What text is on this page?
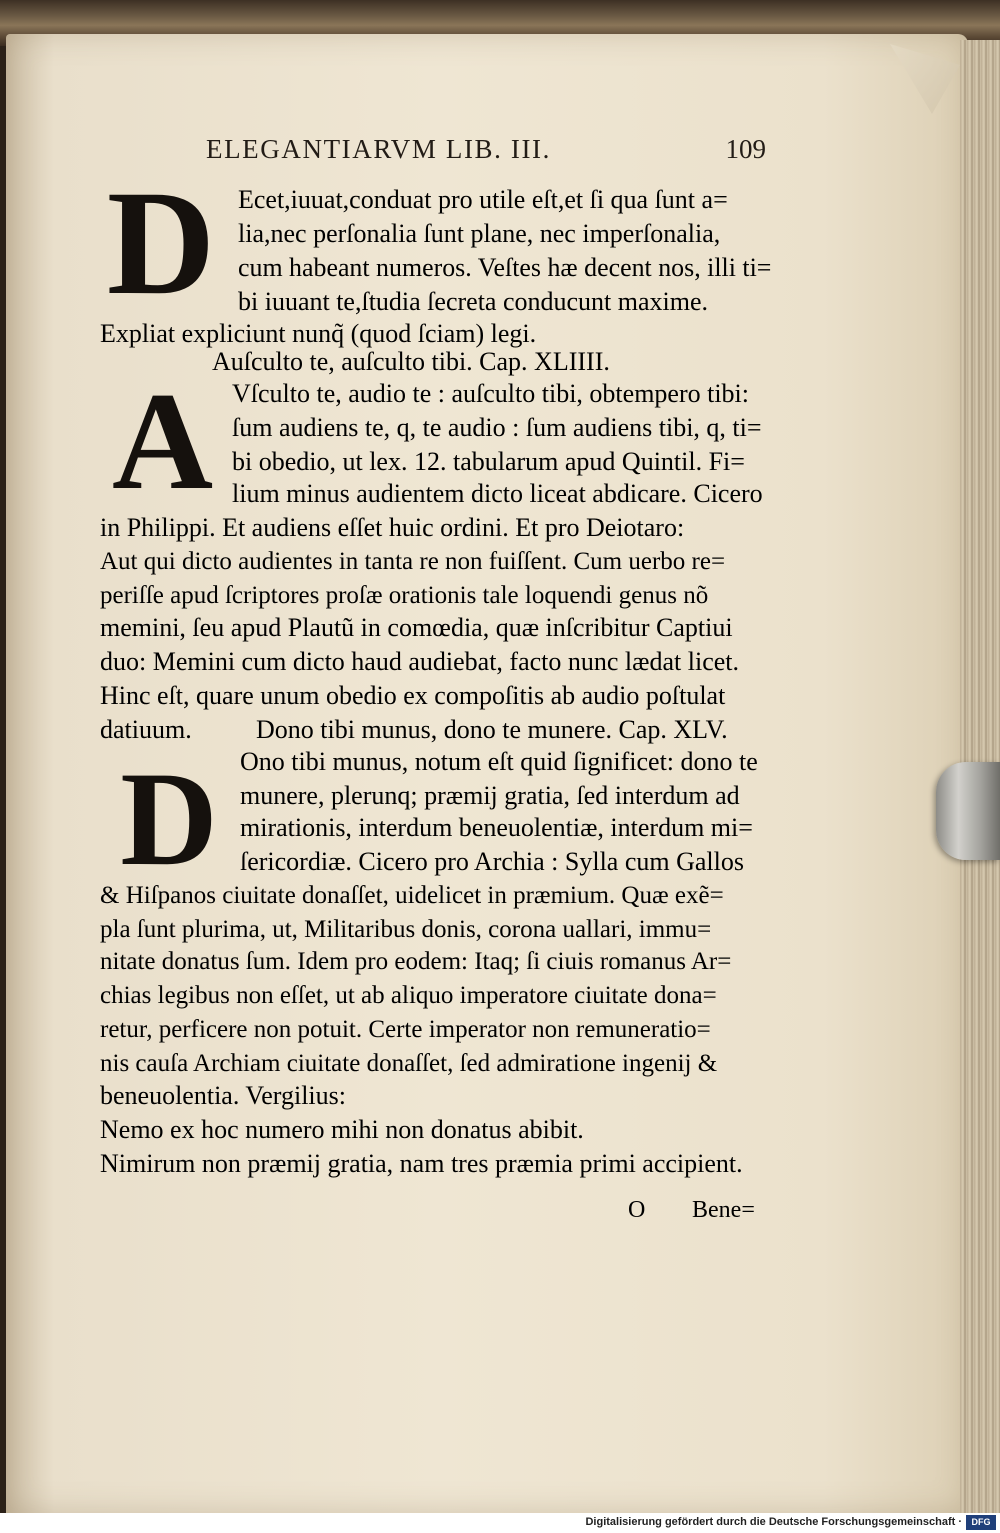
ELEGANTIARVM LIB. III.	109
D
A
D
Ecet,iuuat,conduat pro utile eſt,et ſi qua ſunt a=
lia,nec perſonalia ſunt plane, nec imperſonalia,
cum habeant numeros. Veſtes hæ decent nos, illi ti=
bi iuuant te,ſtudia ſecreta conducunt maxime.
Expliat expliciunt nunq̃ (quod ſciam) legi.
Auſculto te, auſculto tibi. Cap. XLIIII.
Vſculto te, audio te : auſculto tibi, obtempero tibi:
ſum audiens te, q, te audio : ſum audiens tibi, q, ti=
bi obedio, ut lex. 12. tabularum apud Quintil. Fi=
lium minus audientem dicto liceat abdicare. Cicero
in Philippi. Et audiens eſſet huic ordini. Et pro Deiotaro:
Aut qui dicto audientes in tanta re non fuiſſent. Cum uerbo re=
periſſe apud ſcriptores proſæ orationis tale loquendi genus nõ
memini, ſeu apud Plautũ in comœdia, quæ inſcribitur Captiui
duo: Memini cum dicto haud audiebat, facto nunc lædat licet.
Hinc eſt, quare unum obedio ex compoſitis ab audio poſtulat
datiuum. Dono tibi munus, dono te munere. Cap. XLV.
Ono tibi munus, notum eſt quid ſignificet: dono te
munere, plerunq; præmij gratia, ſed interdum ad
mirationis, interdum beneuolentiæ, interdum mi=
ſericordiæ. Cicero pro Archia : Sylla cum Gallos
& Hiſpanos ciuitate donaſſet, uidelicet in præmium. Quæ exẽ=
pla ſunt plurima, ut, Militaribus donis, corona uallari, immu=
nitate donatus ſum. Idem pro eodem: Itaq; ſi ciuis romanus Ar=
chias legibus non eſſet, ut ab aliquo imperatore ciuitate dona=
retur, perficere non potuit. Certe imperator non remuneratio=
nis cauſa Archiam ciuitate donaſſet, ſed admiratione ingenij &
beneuolentia. Vergilius:
Nemo ex hoc numero mihi non donatus abibit.
Nimirum non præmij gratia, nam tres præmia primi accipient.
O Bene=
Digitalisierung gefördert durch die Deutsche Forschungsgemeinschaft ·	DFG
